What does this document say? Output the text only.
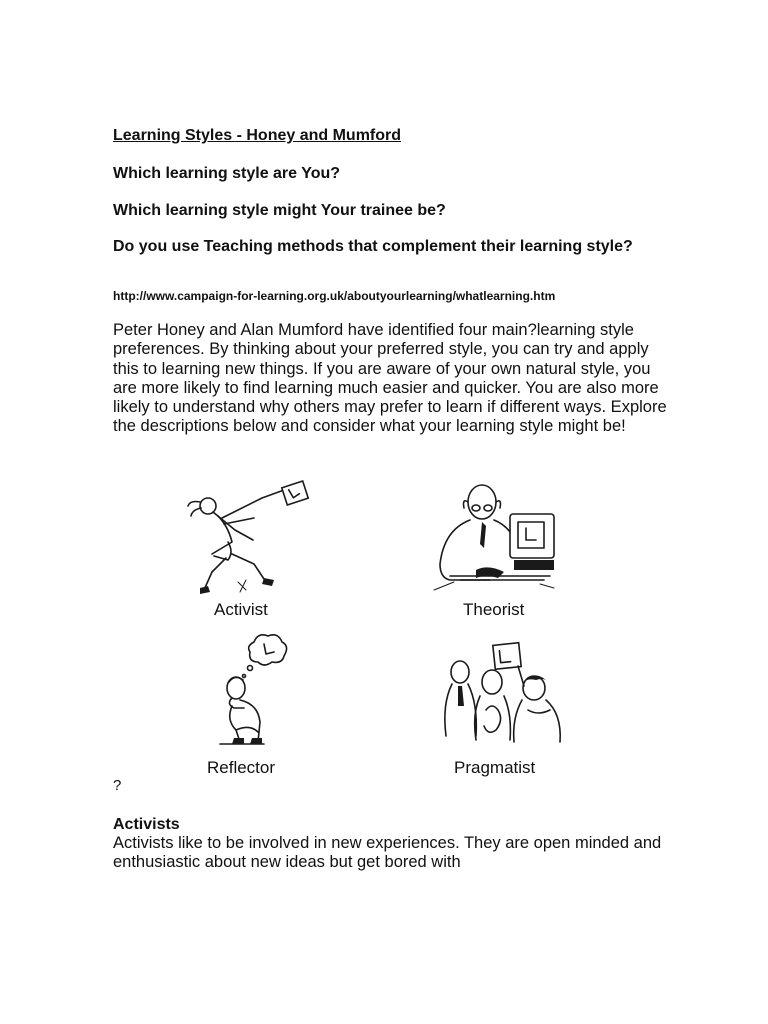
Learning Styles - Honey and Mumford
Which learning style are You?
Which learning style might Your trainee be?
Do you use Teaching methods that complement their learning style?
http://www.campaign-for-learning.org.uk/aboutyourlearning/whatlearning.htm
Peter Honey and Alan Mumford have identified four main?learning style preferences. By thinking about your preferred style, you can try and apply this to learning new things. If you are aware of your own natural style, you are more likely to find learning much easier and quicker. You are also more likely to understand why others may prefer to learn if different ways. Explore the descriptions below and consider what your learning style might be!
Activist	Theorist
Reflector	Pragmatist
?
Activists
Activists like to be involved in new experiences. They are open minded and enthusiastic about new ideas but get bored with
